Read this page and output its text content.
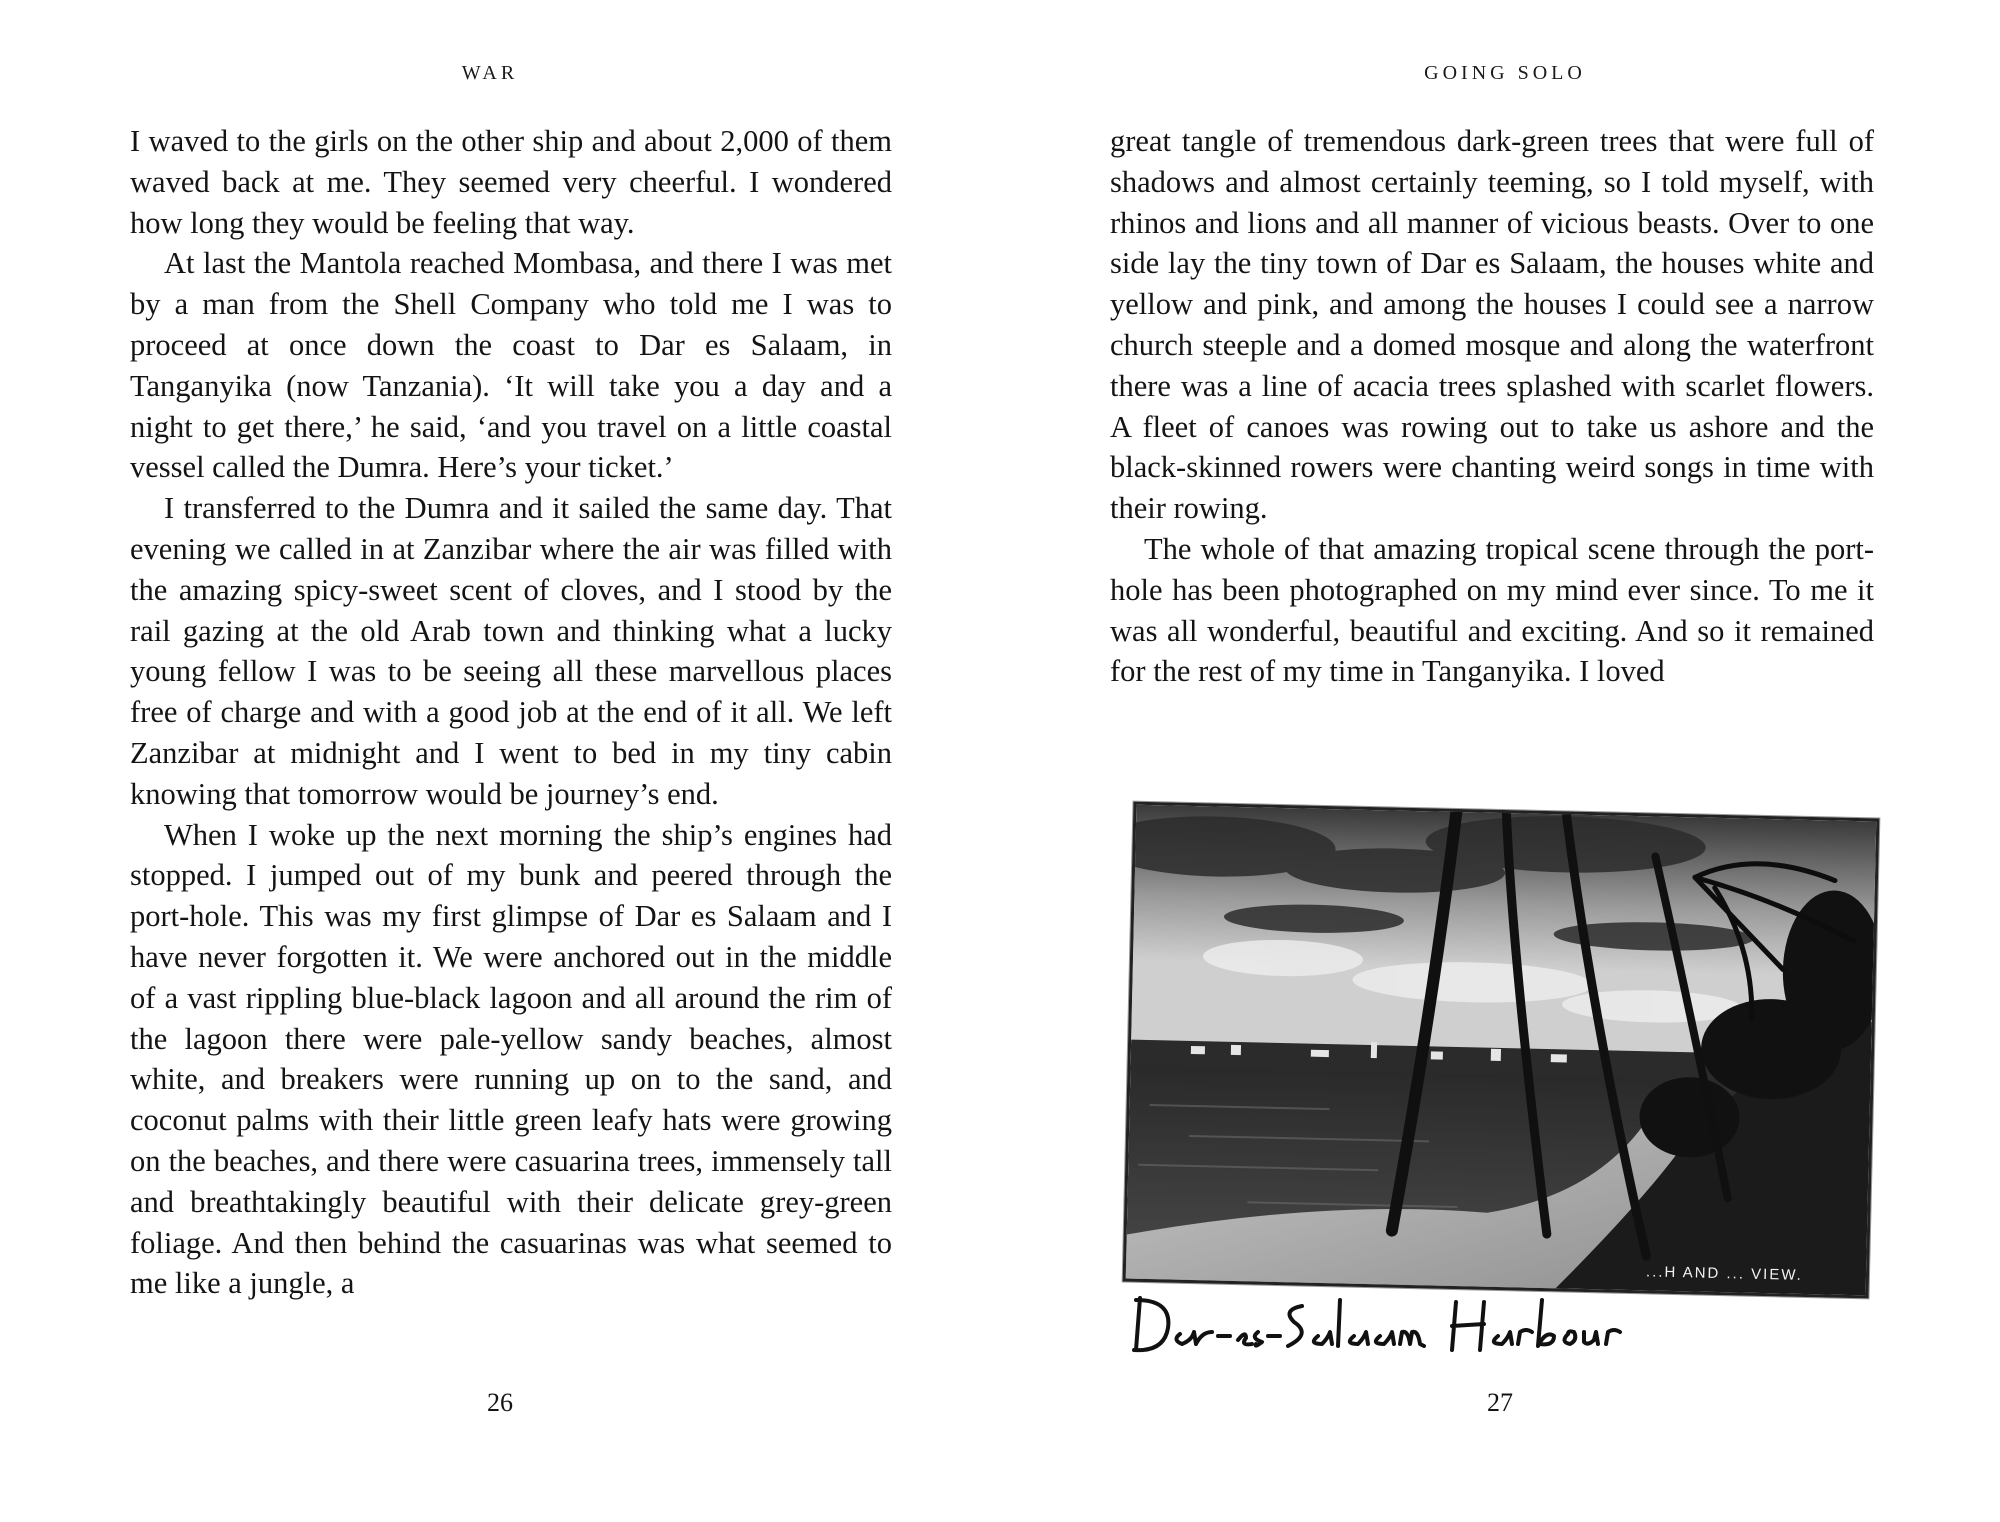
WAR

I waved to the girls on the other ship and about 2,000 of them waved back at me. They seemed very cheerful. I wondered how long they would be feeling that way.

At last the Mantola reached Mombasa, and there I was met by a man from the Shell Company who told me I was to proceed at once down the coast to Dar es Salaam, in Tanganyika (now Tanzania). ‘It will take you a day and a night to get there,’ he said, ‘and you travel on a little coastal vessel called the Dumra. Here’s your ticket.’

I transferred to the Dumra and it sailed the same day. That evening we called in at Zanzibar where the air was filled with the amazing spicy-sweet scent of cloves, and I stood by the rail gazing at the old Arab town and thinking what a lucky young fellow I was to be seeing all these marvellous places free of charge and with a good job at the end of it all. We left Zanzibar at midnight and I went to bed in my tiny cabin knowing that tomorrow would be journey’s end.

When I woke up the next morning the ship’s engines had stopped. I jumped out of my bunk and peered through the port-hole. This was my first glimpse of Dar es Salaam and I have never forgotten it. We were anchored out in the middle of a vast rippling blue-black lagoon and all around the rim of the lagoon there were pale-yellow sandy beaches, almost white, and breakers were running up on to the sand, and coconut palms with their little green leafy hats were growing on the beaches, and there were casuarina trees, immensely tall and breathtakingly beautiful with their delicate grey-green foliage. And then behind the casuarinas was what seemed to me like a jungle, a

26
GOING SOLO

great tangle of tremendous dark-green trees that were full of shadows and almost certainly teeming, so I told myself, with rhinos and lions and all manner of vicious beasts. Over to one side lay the tiny town of Dar es Salaam, the houses white and yellow and pink, and among the houses I could see a narrow church steeple and a domed mosque and along the waterfront there was a line of acacia trees splashed with scarlet flowers. A fleet of canoes was rowing out to take us ashore and the black-skinned rowers were chanting weird songs in time with their rowing.

The whole of that amazing tropical scene through the port-hole has been photographed on my mind ever since. To me it was all wonderful, beautiful and exciting. And so it remained for the rest of my time in Tanganyika. I loved

...H AND ... VIEW.
27
